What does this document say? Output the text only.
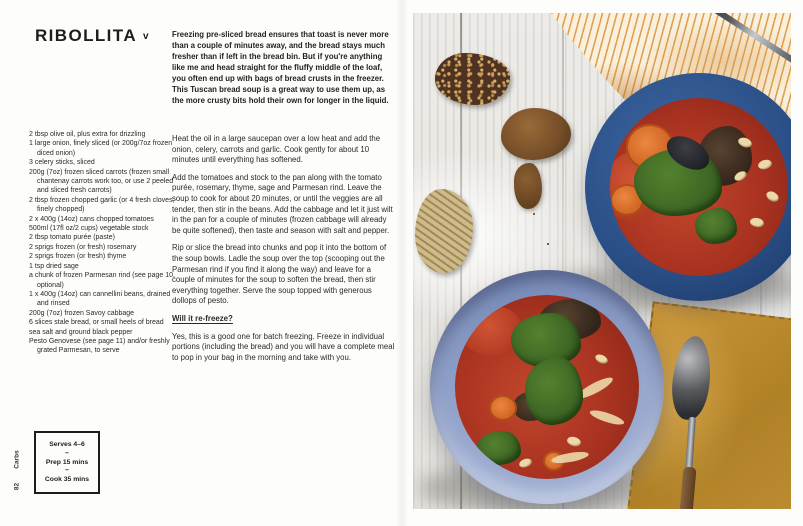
RIBOLLITA v	Freezing pre-sliced bread ensures that toast is never more than a couple of minutes away, and the bread stays much fresher than if left in the bread bin. But if you're anything like me and head straight for the fluffy middle of the loaf, you often end up with bags of bread crusts in the freezer. This Tuscan bread soup is a great way to use them up, as the more crusty bits hold their own for longer in the liquid.
2 tbsp olive oil, plus extra for drizzling
1 large onion, finely sliced (or 200g/7oz frozen diced onion)
3 celery sticks, sliced
200g (7oz) frozen sliced carrots (frozen small chantenay carrots work too, or use 2 peeled and sliced fresh carrots)
2 tbsp frozen chopped garlic (or 4 fresh cloves, finely chopped)
2 x 400g (14oz) cans chopped tomatoes
500ml (17fl oz/2 cups) vegetable stock
2 tbsp tomato purée (paste)
2 sprigs frozen (or fresh) rosemary
2 sprigs frozen (or fresh) thyme
1 tsp dried sage
a chunk of frozen Parmesan rind (see page 10, optional)
1 x 400g (14oz) can cannellini beans, drained and rinsed
200g (7oz) frozen Savoy cabbage
6 slices stale bread, or small heels of bread
sea salt and ground black pepper
Pesto Genovese (see page 11) and/or freshly grated Parmesan, to serve

Heat the oil in a large saucepan over a low heat and add the onion, celery, carrots and garlic. Cook gently for about 10 minutes until everything has softened.

Add the tomatoes and stock to the pan along with the tomato purée, rosemary, thyme, sage and Parmesan rind. Leave the soup to cook for about 20 minutes, or until the veggies are all tender, then stir in the beans. Add the cabbage and let it just wilt in the pan for a couple of minutes (frozen cabbage will already be quite softened), then taste and season with salt and pepper.

Rip or slice the bread into chunks and pop it into the bottom of the soup bowls. Ladle the soup over the top (scooping out the Parmesan rind if you find it along the way) and leave for a couple of minutes for the soup to soften the bread, then stir everything together. Serve the soup topped with generous dollops of pesto.

Will it re-freeze?

Yes, this is a good one for batch freezing. Freeze in individual portions (including the bread) and you will have a complete meal to pop in your bag in the morning and take with you.

Serves 4–6
–
Prep 15 mins
–
Cook 35 mins
Carbs
82
